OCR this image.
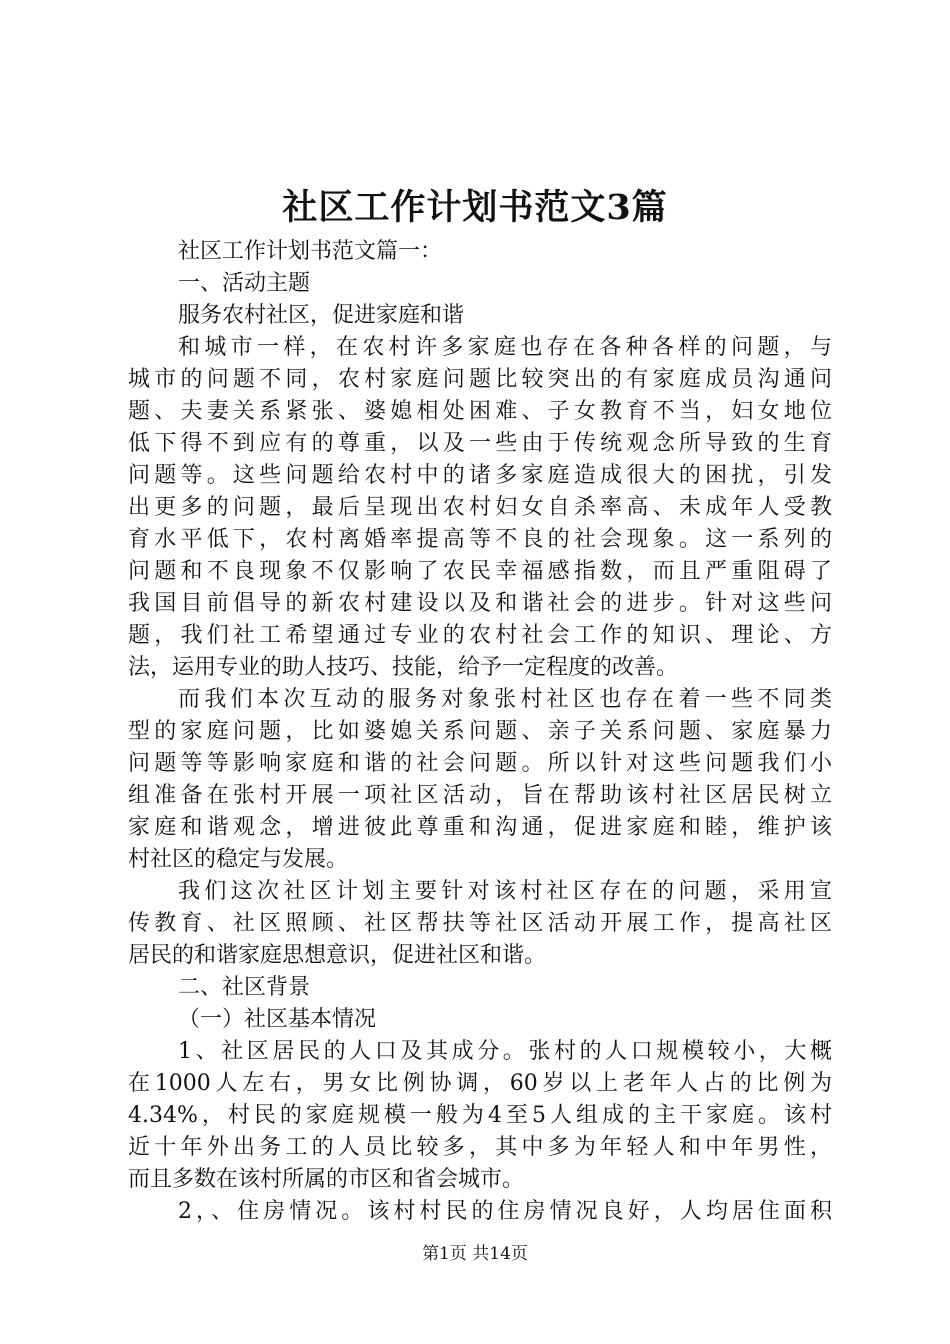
社区工作计划书范文3篇
社区工作计划书范文篇一：
一、活动主题
服务农村社区，促进家庭和谐
和城市一样，在农村许多家庭也存在各种各样的问题，与
城市的问题不同，农村家庭问题比较突出的有家庭成员沟通问
题、夫妻关系紧张、婆媳相处困难、子女教育不当，妇女地位
低下得不到应有的尊重，以及一些由于传统观念所导致的生育
问题等。这些问题给农村中的诸多家庭造成很大的困扰，引发
出更多的问题，最后呈现出农村妇女自杀率高、未成年人受教
育水平低下，农村离婚率提高等不良的社会现象。这一系列的
问题和不良现象不仅影响了农民幸福感指数，而且严重阻碍了
我国目前倡导的新农村建设以及和谐社会的进步。针对这些问
题，我们社工希望通过专业的农村社会工作的知识、理论、方
法，运用专业的助人技巧、技能，给予一定程度的改善。
而我们本次互动的服务对象张村社区也存在着一些不同类
型的家庭问题，比如婆媳关系问题、亲子关系问题、家庭暴力
问题等等影响家庭和谐的社会问题。所以针对这些问题我们小
组准备在张村开展一项社区活动，旨在帮助该村社区居民树立
家庭和谐观念，增进彼此尊重和沟通，促进家庭和睦，维护该
村社区的稳定与发展。
我们这次社区计划主要针对该村社区存在的问题，采用宣
传教育、社区照顾、社区帮扶等社区活动开展工作，提高社区
居民的和谐家庭思想意识，促进社区和谐。
二、社区背景
（一）社区基本情况
1、社区居民的人口及其成分。张村的人口规模较小，大概
在1000人左右，男女比例协调，60岁以上老年人占的比例为
4.34%，村民的家庭规模一般为4至5人组成的主干家庭。该村
近十年外出务工的人员比较多，其中多为年轻人和中年男性，
而且多数在该村所属的市区和省会城市。
2，、住房情况。该村村民的住房情况良好，人均居住面积
第1页 共14页
